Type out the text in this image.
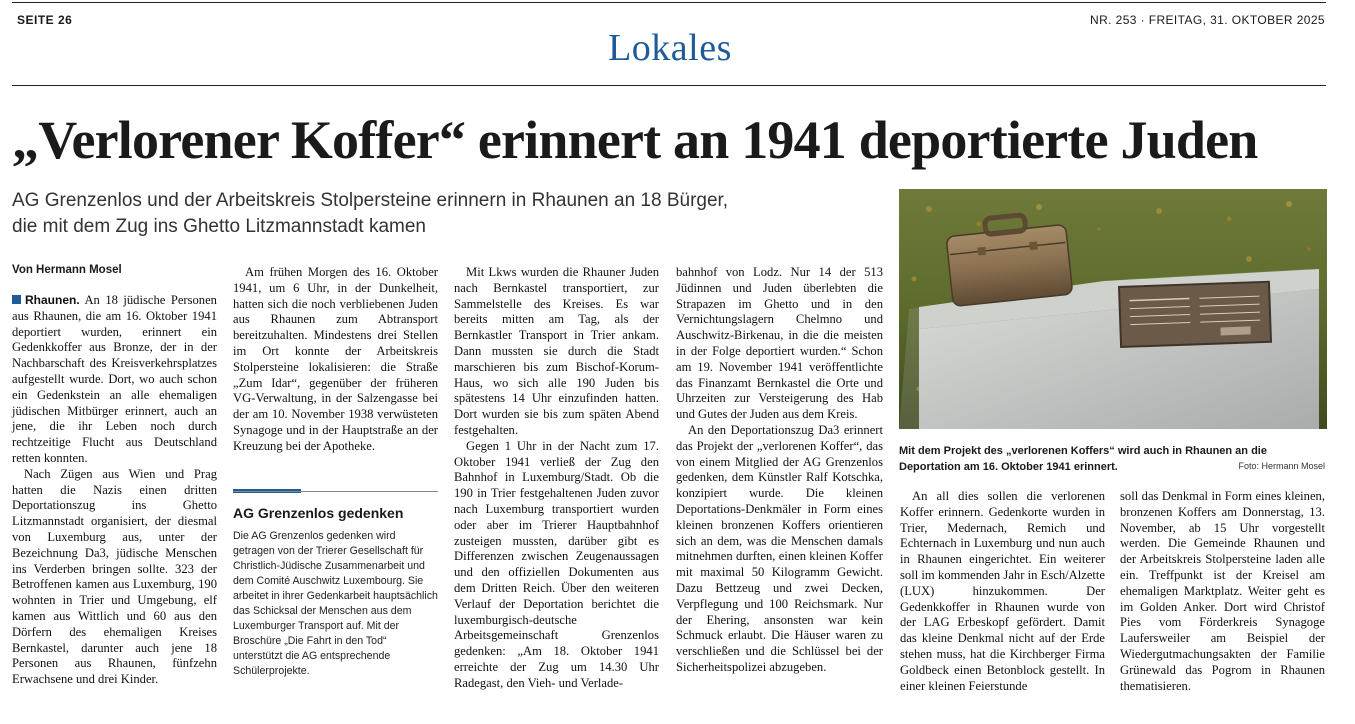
SEITE 26	NR. 253 · FREITAG, 31. OKTOBER 2025
Lokales
„Verlorener Koffer“ erinnert an 1941 deportierte Juden
AG Grenzenlos und der Arbeitskreis Stolpersteine erinnern in Rhaunen an 18 Bürger,
die mit dem Zug ins Ghetto Litzmannstadt kamen
Von Hermann Mosel

Rhaunen. An 18 jüdische Personen aus Rhaunen, die am 16. Oktober 1941 deportiert wurden, erinnert ein Gedenkkoffer aus Bronze, der in der Nachbarschaft des Kreisverkehrsplatzes aufgestellt wurde. Dort, wo auch schon ein Gedenkstein an alle ehemaligen jüdischen Mitbürger erinnert, auch an jene, die ihr Leben noch durch rechtzeitige Flucht aus Deutschland retten konnten.

Nach Zügen aus Wien und Prag hatten die Nazis einen dritten Deportationszug ins Ghetto Litzmannstadt organisiert, der diesmal von Luxemburg aus, unter der Bezeichnung Da3, jüdische Menschen ins Verderben bringen sollte. 323 der Betroffenen kamen aus Luxemburg, 190 wohnten in Trier und Umgebung, elf kamen aus Wittlich und 60 aus den Dörfern des ehemaligen Kreises Bernkastel, darunter auch jene 18 Personen aus Rhaunen, fünfzehn Erwachsene und drei Kinder.

Am frühen Morgen des 16. Oktober 1941, um 6 Uhr, in der Dunkelheit, hatten sich die noch verbliebenen Juden aus Rhaunen zum Abtransport bereitzuhalten. Mindestens drei Stellen im Ort konnte der Arbeitskreis Stolpersteine lokalisieren: die Straße „Zum Idar“, gegenüber der früheren VG-Verwaltung, in der Salzengasse bei der am 10. November 1938 verwüsteten Synagoge und in der Hauptstraße an der Kreuzung bei der Apotheke.

AG Grenzenlos gedenken
Die AG Grenzenlos gedenken wird getragen von der Trierer Gesellschaft für Christlich-Jüdische Zusammenarbeit und dem Comité Auschwitz Luxembourg. Sie arbeitet in ihrer Gedenkarbeit hauptsächlich das Schicksal der Menschen aus dem Luxemburger Transport auf. Mit der Broschüre „Die Fahrt in den Tod“ unterstützt die AG entsprechende Schülerprojekte.

Mit Lkws wurden die Rhauner Juden nach Bernkastel transportiert, zur Sammelstelle des Kreises. Es war bereits mitten am Tag, als der Bernkastler Transport in Trier ankam. Dann mussten sie durch die Stadt marschieren bis zum Bischof-Korum-Haus, wo sich alle 190 Juden bis spätestens 14 Uhr einzufinden hatten. Dort wurden sie bis zum späten Abend festgehalten.

Gegen 1 Uhr in der Nacht zum 17. Oktober 1941 verließ der Zug den Bahnhof in Luxemburg/Stadt. Ob die 190 in Trier festgehaltenen Juden zuvor nach Luxemburg transportiert wurden oder aber im Trierer Hauptbahnhof zusteigen mussten, darüber gibt es Differenzen zwischen Zeugenaussagen und den offiziellen Dokumenten aus dem Dritten Reich. Über den weiteren Verlauf der Deportation berichtet die luxemburgisch-deutsche Arbeitsgemeinschaft Grenzenlos gedenken: „Am 18. Oktober 1941 erreichte der Zug um 14.30 Uhr Radegast, den Vieh- und Verlade-

bahnhof von Lodz. Nur 14 der 513 Jüdinnen und Juden überlebten die Strapazen im Ghetto und in den Vernichtungslagern Chelmno und Auschwitz-Birkenau, in die die meisten in der Folge deportiert wurden.“ Schon am 19. November 1941 veröffentlichte das Finanzamt Bernkastel die Orte und Uhrzeiten zur Versteigerung des Hab und Gutes der Juden aus dem Kreis.

An den Deportationszug Da3 erinnert das Projekt der „verlorenen Koffer“, das von einem Mitglied der AG Grenzenlos gedenken, dem Künstler Ralf Kotschka, konzipiert wurde. Die kleinen Deportations-Denkmäler in Form eines kleinen bronzenen Koffers orientieren sich an dem, was die Menschen damals mitnehmen durften, einen kleinen Koffer mit maximal 50 Kilogramm Gewicht. Dazu Bettzeug und zwei Decken, Verpflegung und 100 Reichsmark. Nur der Ehering, ansonsten war kein Schmuck erlaubt. Die Häuser waren zu verschließen und die Schlüssel bei der Sicherheitspolizei abzugeben.

Mit dem Projekt des „verlorenen Koffers“ wird auch in Rhaunen an die Deportation am 16. Oktober 1941 erinnert.	Foto: Hermann Mosel

An all dies sollen die verlorenen Koffer erinnern. Gedenkorte wurden in Trier, Medernach, Remich und Echternach in Luxemburg und nun auch in Rhaunen eingerichtet. Ein weiterer soll im kommenden Jahr in Esch/Alzette (LUX) hinzukommen. Der Gedenkkoffer in Rhaunen wurde von der LAG Erbeskopf gefördert. Damit das kleine Denkmal nicht auf der Erde stehen muss, hat die Kirchberger Firma Goldbeck einen Betonblock gestellt. In einer kleinen Feierstunde

soll das Denkmal in Form eines kleinen, bronzenen Koffers am Donnerstag, 13. November, ab 15 Uhr vorgestellt werden. Die Gemeinde Rhaunen und der Arbeitskreis Stolpersteine laden alle ein. Treffpunkt ist der Kreisel am ehemaligen Marktplatz. Weiter geht es im Golden Anker. Dort wird Christof Pies vom Förderkreis Synagoge Laufersweiler am Beispiel der Wiedergutmachungsakten der Familie Grünewald das Pogrom in Rhaunen thematisieren.
